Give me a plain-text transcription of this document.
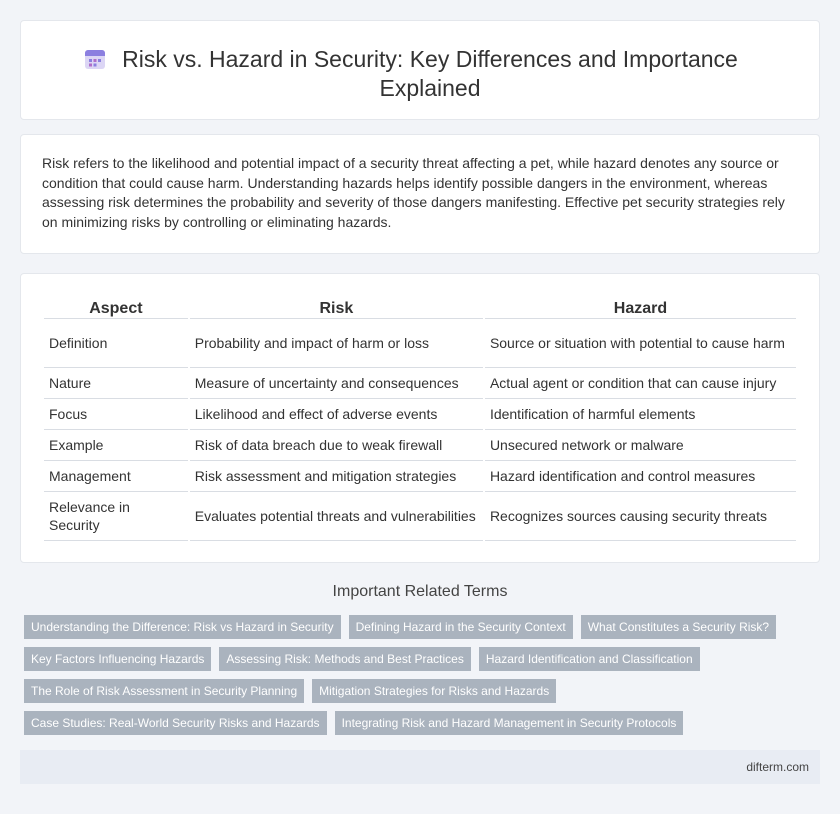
Risk vs. Hazard in Security: Key Differences and Importance Explained

Risk refers to the likelihood and potential impact of a security threat affecting a pet, while hazard denotes any source or condition that could cause harm. Understanding hazards helps identify possible dangers in the environment, whereas assessing risk determines the probability and severity of those dangers manifesting. Effective pet security strategies rely on minimizing risks by controlling or eliminating hazards.

Aspect	Risk	Hazard
Definition	Probability and impact of harm or loss	Source or situation with potential to cause harm
Nature	Measure of uncertainty and consequences	Actual agent or condition that can cause injury
Focus	Likelihood and effect of adverse events	Identification of harmful elements
Example	Risk of data breach due to weak firewall	Unsecured network or malware
Management	Risk assessment and mitigation strategies	Hazard identification and control measures
Relevance in Security	Evaluates potential threats and vulnerabilities	Recognizes sources causing security threats
Important Related Terms
Understanding the Difference: Risk vs Hazard in Security	Defining Hazard in the Security Context	What Constitutes a Security Risk?
Key Factors Influencing Hazards	Assessing Risk: Methods and Best Practices	Hazard Identification and Classification
The Role of Risk Assessment in Security Planning	Mitigation Strategies for Risks and Hazards
Case Studies: Real-World Security Risks and Hazards	Integrating Risk and Hazard Management in Security Protocols
difterm.com
